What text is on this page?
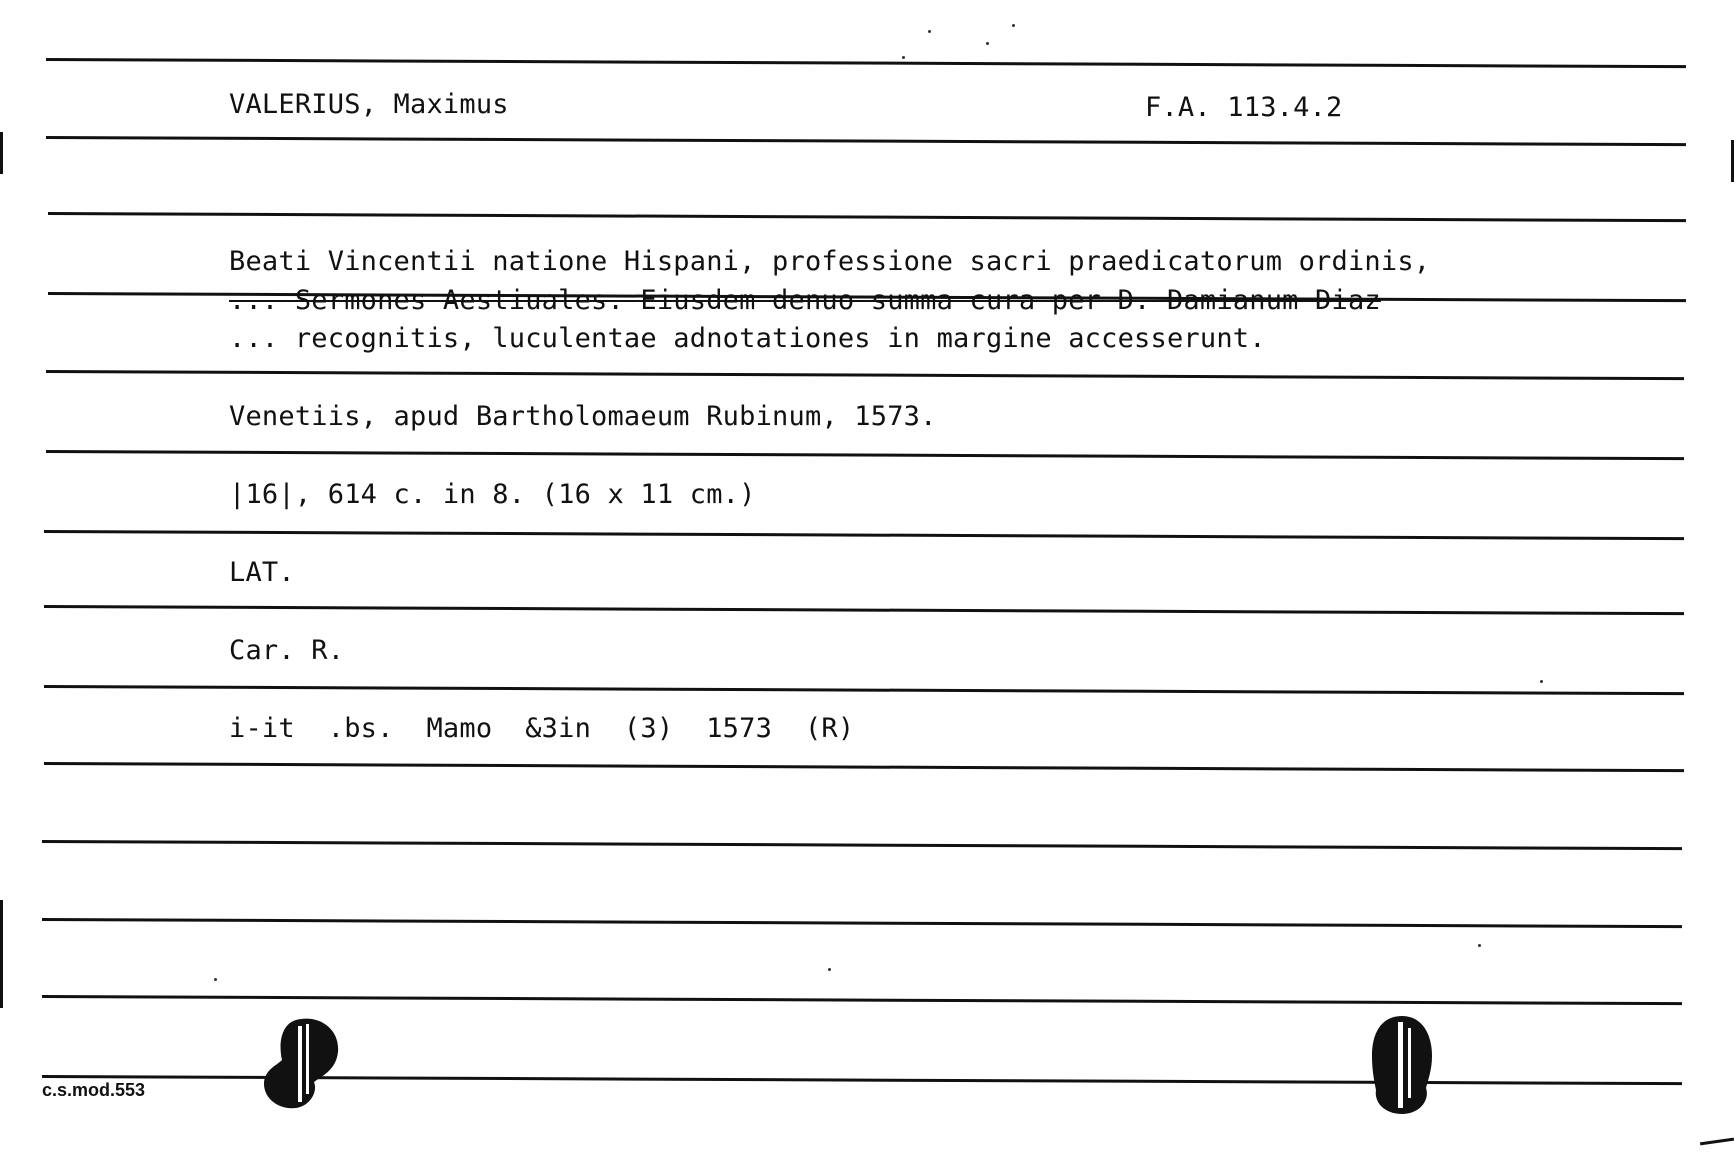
VALERIUS, Maximus	F.A. 113.4.2
Beati Vincentii natione Hispani, professione sacri praedicatorum ordinis,
... Sermones Aestiuales. Eiusdem denuo summa cura per D. Damianum Diaz
... recognitis, luculentae adnotationes in margine accesserunt.
Venetiis, apud Bartholomaeum Rubinum, 1573.
|16|, 614 c. in 8. (16 x 11 cm.)
LAT.
Car. R.
i-it  .bs.  Mamo  &3in  (3)  1573  (R)
c.s.mod.553
